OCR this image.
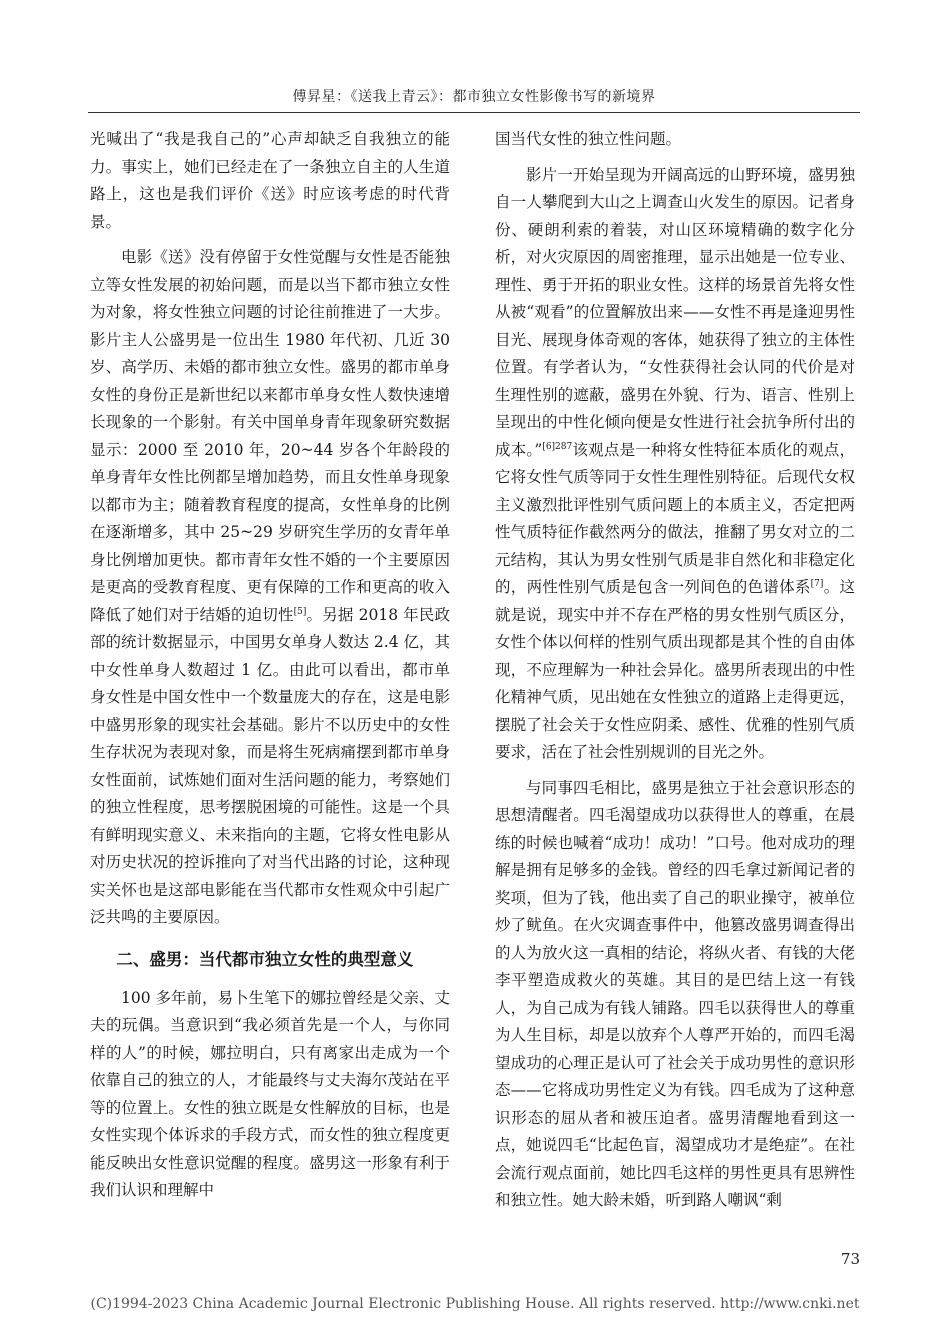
傅昇星：《送我上青云》：都市独立女性影像书写的新境界

光喊出了“我是我自己的”心声却缺乏自我独立的能力。事实上，她们已经走在了一条独立自主的人生道路上，这也是我们评价《送》时应该考虑的时代背景。

电影《送》没有停留于女性觉醒与女性是否能独立等女性发展的初始问题，而是以当下都市独立女性为对象，将女性独立问题的讨论往前推进了一大步。影片主人公盛男是一位出生 1980 年代初、几近 30 岁、高学历、未婚的都市独立女性。盛男的都市单身女性的身份正是新世纪以来都市单身女性人数快速增长现象的一个影射。有关中国单身青年现象研究数据显示：2000 至 2010 年，20~44 岁各个年龄段的单身青年女性比例都呈增加趋势，而且女性单身现象以都市为主；随着教育程度的提高，女性单身的比例在逐渐增多，其中 25~29 岁研究生学历的女青年单身比例增加更快。都市青年女性不婚的一个主要原因是更高的受教育程度、更有保障的工作和更高的收入降低了她们对于结婚的迫切性[5]。另据 2018 年民政部的统计数据显示，中国男女单身人数达 2.4 亿，其中女性单身人数超过 1 亿。由此可以看出，都市单身女性是中国女性中一个数量庞大的存在，这是电影中盛男形象的现实社会基础。影片不以历史中的女性生存状况为表现对象，而是将生死病痛摆到都市单身女性面前，试炼她们面对生活问题的能力，考察她们的独立性程度，思考摆脱困境的可能性。这是一个具有鲜明现实意义、未来指向的主题，它将女性电影从对历史状况的控诉推向了对当代出路的讨论，这种现实关怀也是这部电影能在当代都市女性观众中引起广泛共鸣的主要原因。

二、盛男：当代都市独立女性的典型意义

100 多年前，易卜生笔下的娜拉曾经是父亲、丈夫的玩偶。当意识到“我必须首先是一个人，与你同样的人”的时候，娜拉明白，只有离家出走成为一个依靠自己的独立的人，才能最终与丈夫海尔茂站在平等的位置上。女性的独立既是女性解放的目标，也是女性实现个体诉求的手段方式，而女性的独立程度更能反映出女性意识觉醒的程度。盛男这一形象有利于我们认识和理解中

国当代女性的独立性问题。

影片一开始呈现为开阔高远的山野环境，盛男独自一人攀爬到大山之上调查山火发生的原因。记者身份、硬朗利索的着装，对山区环境精确的数字化分析，对火灾原因的周密推理，显示出她是一位专业、理性、勇于开拓的职业女性。这样的场景首先将女性从被“观看”的位置解放出来——女性不再是逢迎男性目光、展现身体奇观的客体，她获得了独立的主体性位置。有学者认为，“女性获得社会认同的代价是对生理性别的遮蔽，盛男在外貌、行为、语言、性别上呈现出的中性化倾向便是女性进行社会抗争所付出的成本。”$^{[6]287}$该观点是一种将女性特征本质化的观点，它将女性气质等同于女性生理性别特征。后现代女权主义激烈批评性别气质问题上的本质主义，否定把两性气质特征作截然两分的做法，推翻了男女对立的二元结构，其认为男女性别气质是非自然化和非稳定化的，两性性别气质是包含一列间色的色谱体系[7]。这就是说，现实中并不存在严格的男女性别气质区分，女性个体以何样的性别气质出现都是其个性的自由体现，不应理解为一种社会异化。盛男所表现出的中性化精神气质，见出她在女性独立的道路上走得更远，摆脱了社会关于女性应阴柔、感性、优雅的性别气质要求，活在了社会性别规训的目光之外。

与同事四毛相比，盛男是独立于社会意识形态的思想清醒者。四毛渴望成功以获得世人的尊重，在晨练的时候也喊着“成功！成功！”口号。他对成功的理解是拥有足够多的金钱。曾经的四毛拿过新闻记者的奖项，但为了钱，他出卖了自己的职业操守，被单位炒了鱿鱼。在火灾调查事件中，他篡改盛男调查得出的人为放火这一真相的结论，将纵火者、有钱的大佬李平塑造成救火的英雄。其目的是巴结上这一有钱人，为自己成为有钱人铺路。四毛以获得世人的尊重为人生目标，却是以放弃个人尊严开始的，而四毛渴望成功的心理正是认可了社会关于成功男性的意识形态——它将成功男性定义为有钱。四毛成为了这种意识形态的屈从者和被压迫者。盛男清醒地看到这一点，她说四毛“比起色盲，渴望成功才是绝症”。在社会流行观点面前，她比四毛这样的男性更具有思辨性和独立性。她大龄未婚，听到路人嘲讽“剩

73
(C)1994-2023 China Academic Journal Electronic Publishing House. All rights reserved. http://www.cnki.net
